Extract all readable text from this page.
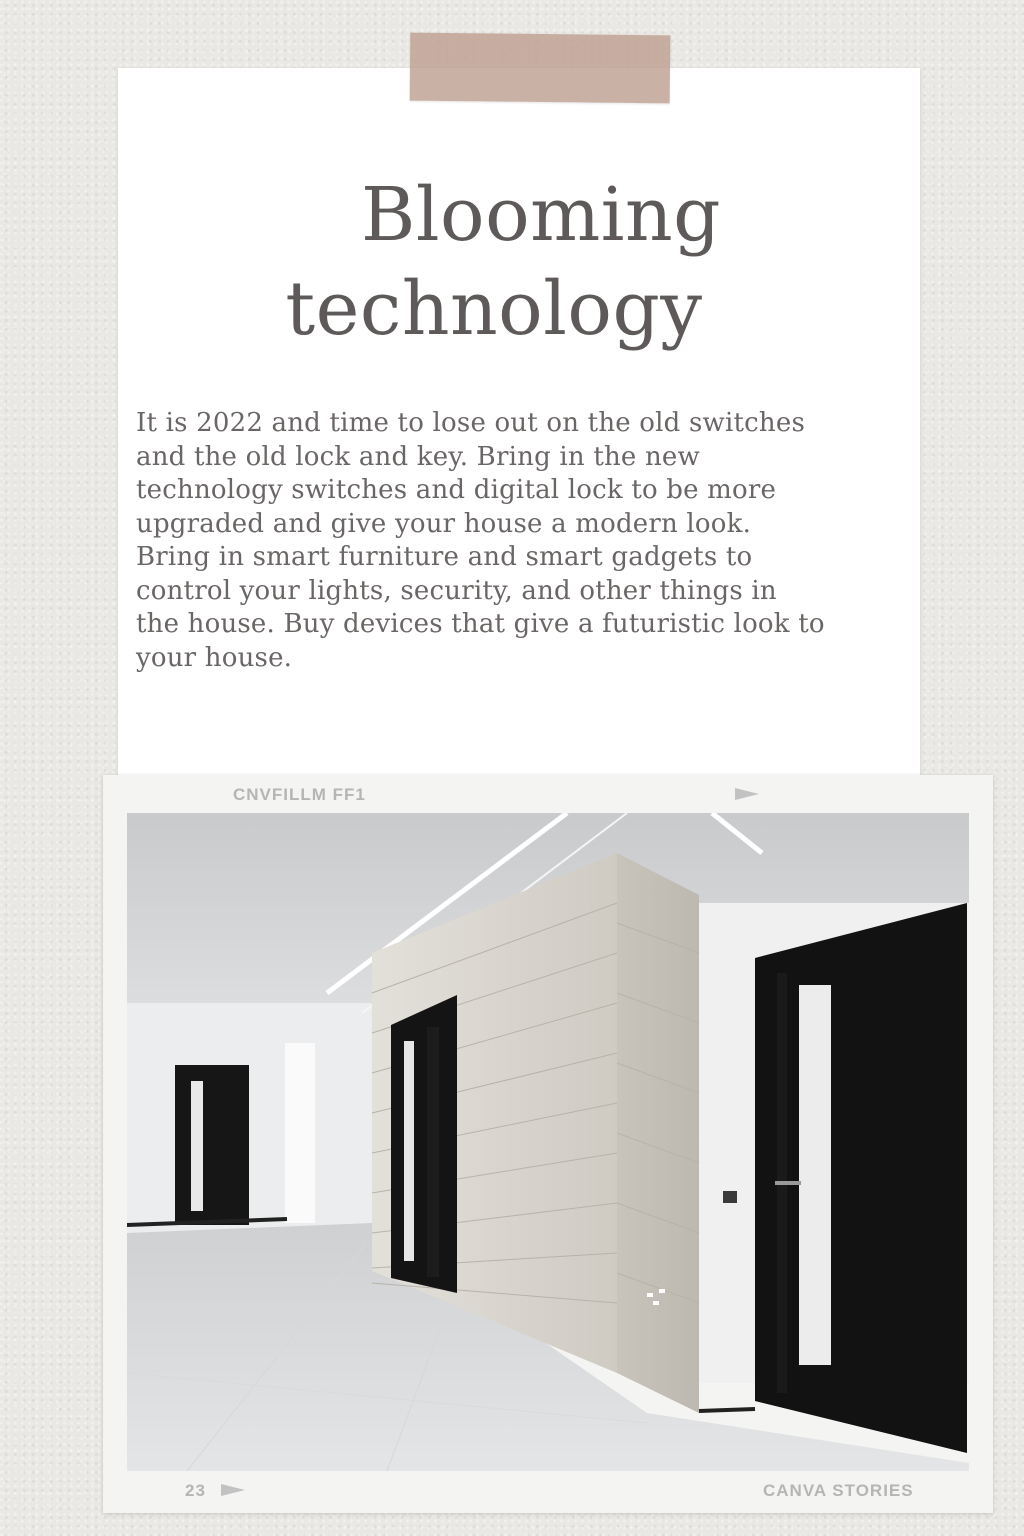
Blooming
technology

It is 2022 and time to lose out on the old switches
and the old lock and key. Bring in the new
technology switches and digital lock to be more
upgraded and give your house a modern look.
Bring in smart furniture and smart gadgets to
control your lights, security, and other things in
the house. Buy devices that give a futuristic look to
your house.

CNVFILLM FF1
23	CANVA STORIES
